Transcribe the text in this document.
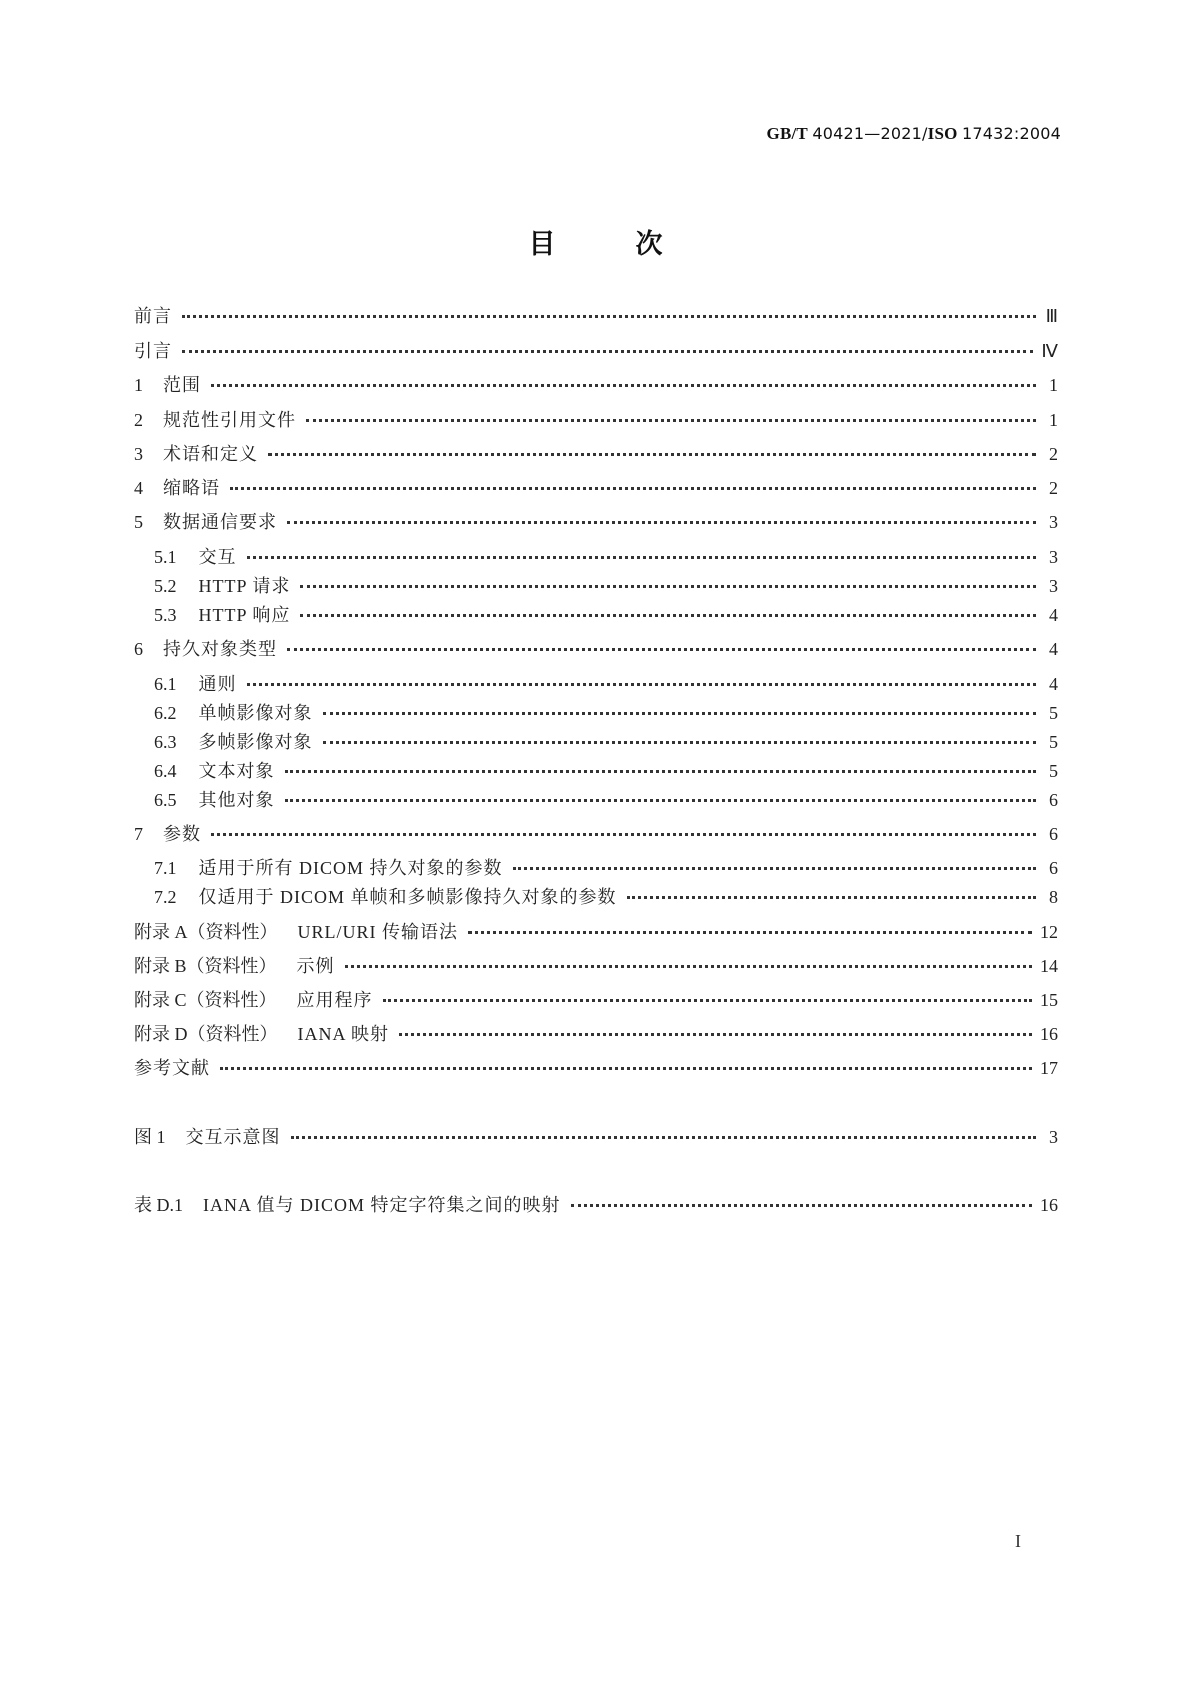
GB/T 40421—2021/ISO 17432:2004
目	次
前言	Ⅲ
引言	Ⅳ
1 范围	1
2 规范性引用文件	1
3 术语和定义	2
4 缩略语	2
5 数据通信要求	3
5.1 交互	3
5.2 HTTP 请求	3
5.3 HTTP 响应	4
6 持久对象类型	4
6.1 通则	4
6.2 单帧影像对象	5
6.3 多帧影像对象	5
6.4 文本对象	5
6.5 其他对象	6
7 参数	6
7.1 适用于所有 DICOM 持久对象的参数	6
7.2 仅适用于 DICOM 单帧和多帧影像持久对象的参数	8
附录 A（资料性） URL/URI 传输语法	12
附录 B（资料性） 示例	14
附录 C（资料性） 应用程序	15
附录 D（资料性） IANA 映射	16
参考文献	17
图 1 交互示意图	3
表 D.1 IANA 值与 DICOM 特定字符集之间的映射	16
I
